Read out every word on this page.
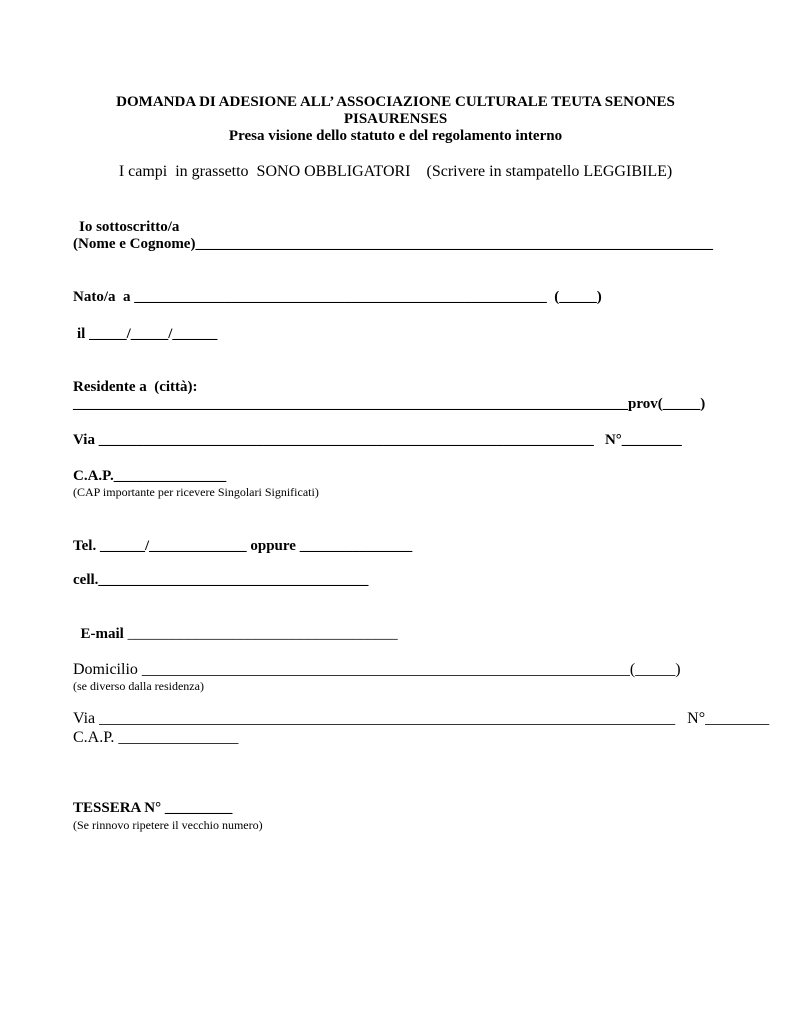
DOMANDA DI ADESIONE ALL’ ASSOCIAZIONE CULTURALE TEUTA SENONES
PISAURENSES
Presa visione dello statuto e del regolamento interno
I campi  in grassetto  SONO OBBLIGATORI    (Scrivere in stampatello LEGGIBILE)
Io sottoscritto/a
(Nome e Cognome)_____________________________________________________________________
Nato/a  a _______________________________________________________  (_____)
il _____/_____/______
Residente a  (città):
__________________________________________________________________________prov(_____)
Via __________________________________________________________________   N°________
C.A.P._______________
(CAP importante per ricevere Singolari Significati)
Tel. ______/_____________ oppure _______________
cell.____________________________________

E-mail ____________________________________

Domicilio _____________________________________________________________(_____)
(se diverso dalla residenza)
Via ________________________________________________________________________   N°________
C.A.P. _______________
TESSERA N° _________
(Se rinnovo ripetere il vecchio numero)
